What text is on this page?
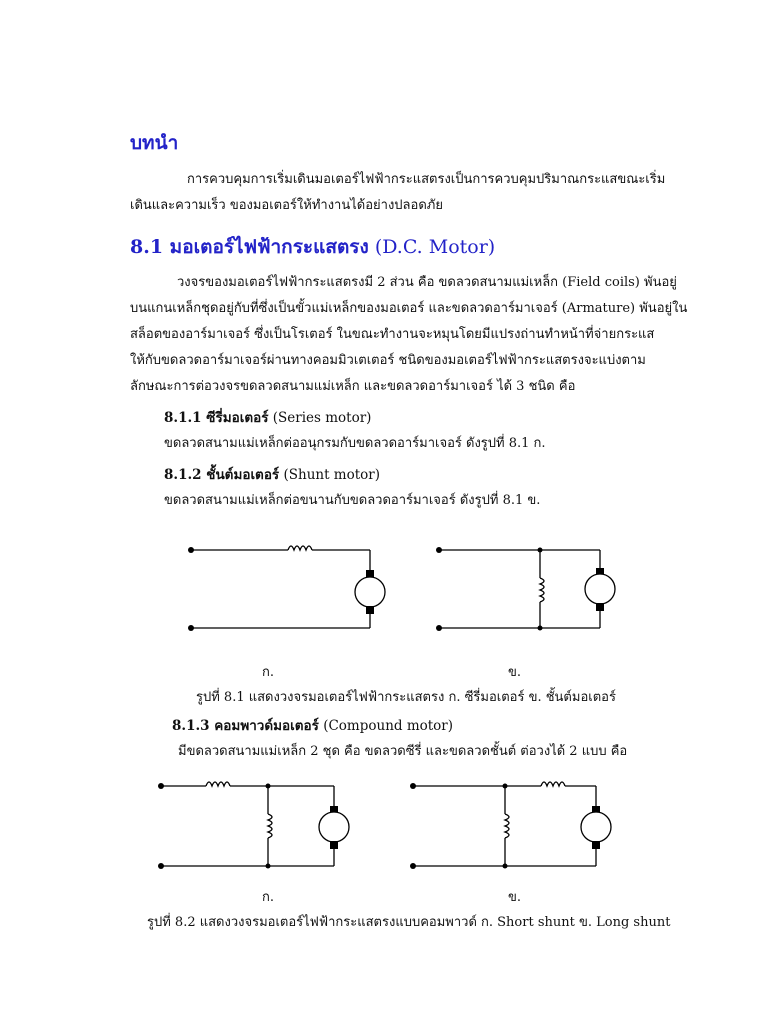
บทนำ
การควบคุมการเริ่มเดินมอเตอร์ไฟฟ้ากระแสตรงเป็นการควบคุมปริมาณกระแสขณะเริ่ม
เดินและความเร็ว ของมอเตอร์ให้ทำงานได้อย่างปลอดภัย
8.1 มอเตอร์ไฟฟ้ากระแสตรง (D.C. Motor)
วงจรของมอเตอร์ไฟฟ้ากระแสตรงมี 2 ส่วน คือ ขดลวดสนามแม่เหล็ก (Field coils) พันอยู่
บนแกนเหล็กชุดอยู่กับที่ซึ่งเป็นขั้วแม่เหล็กของมอเตอร์ และขดลวดอาร์มาเจอร์ (Armature) พันอยู่ใน
สล็อตของอาร์มาเจอร์ ซึ่งเป็นโรเตอร์ ในขณะทำงานจะหมุนโดยมีแปรงถ่านทำหน้าที่จ่ายกระแส
ให้กับขดลวดอาร์มาเจอร์ผ่านทางคอมมิวเตเตอร์ ชนิดของมอเตอร์ไฟฟ้ากระแสตรงจะแบ่งตาม
ลักษณะการต่อวงจรขดลวดสนามแม่เหล็ก และขดลวดอาร์มาเจอร์ ได้ 3 ชนิด คือ
8.1.1 ซีรี่มอเตอร์ (Series motor)
ขดลวดสนามแม่เหล็กต่ออนุกรมกับขดลวดอาร์มาเจอร์ ดังรูปที่ 8.1 ก.
8.1.2 ชั้นต์มอเตอร์ (Shunt motor)
ขดลวดสนามแม่เหล็กต่อขนานกับขดลวดอาร์มาเจอร์ ดังรูปที่ 8.1 ข.
ก.	ข.
รูปที่ 8.1 แสดงวงจรมอเตอร์ไฟฟ้ากระแสตรง ก. ซีรี่มอเตอร์ ข. ชั้นต์มอเตอร์
8.1.3 คอมพาวด์มอเตอร์ (Compound motor)
มีขดลวดสนามแม่เหล็ก 2 ชุด คือ ขดลวดซีรี่ และขดลวดชั้นต์ ต่อวงได้ 2 แบบ คือ
ก.	ข.
รูปที่ 8.2 แสดงวงจรมอเตอร์ไฟฟ้ากระแสตรงแบบคอมพาวด์ ก. Short shunt ข. Long shunt
